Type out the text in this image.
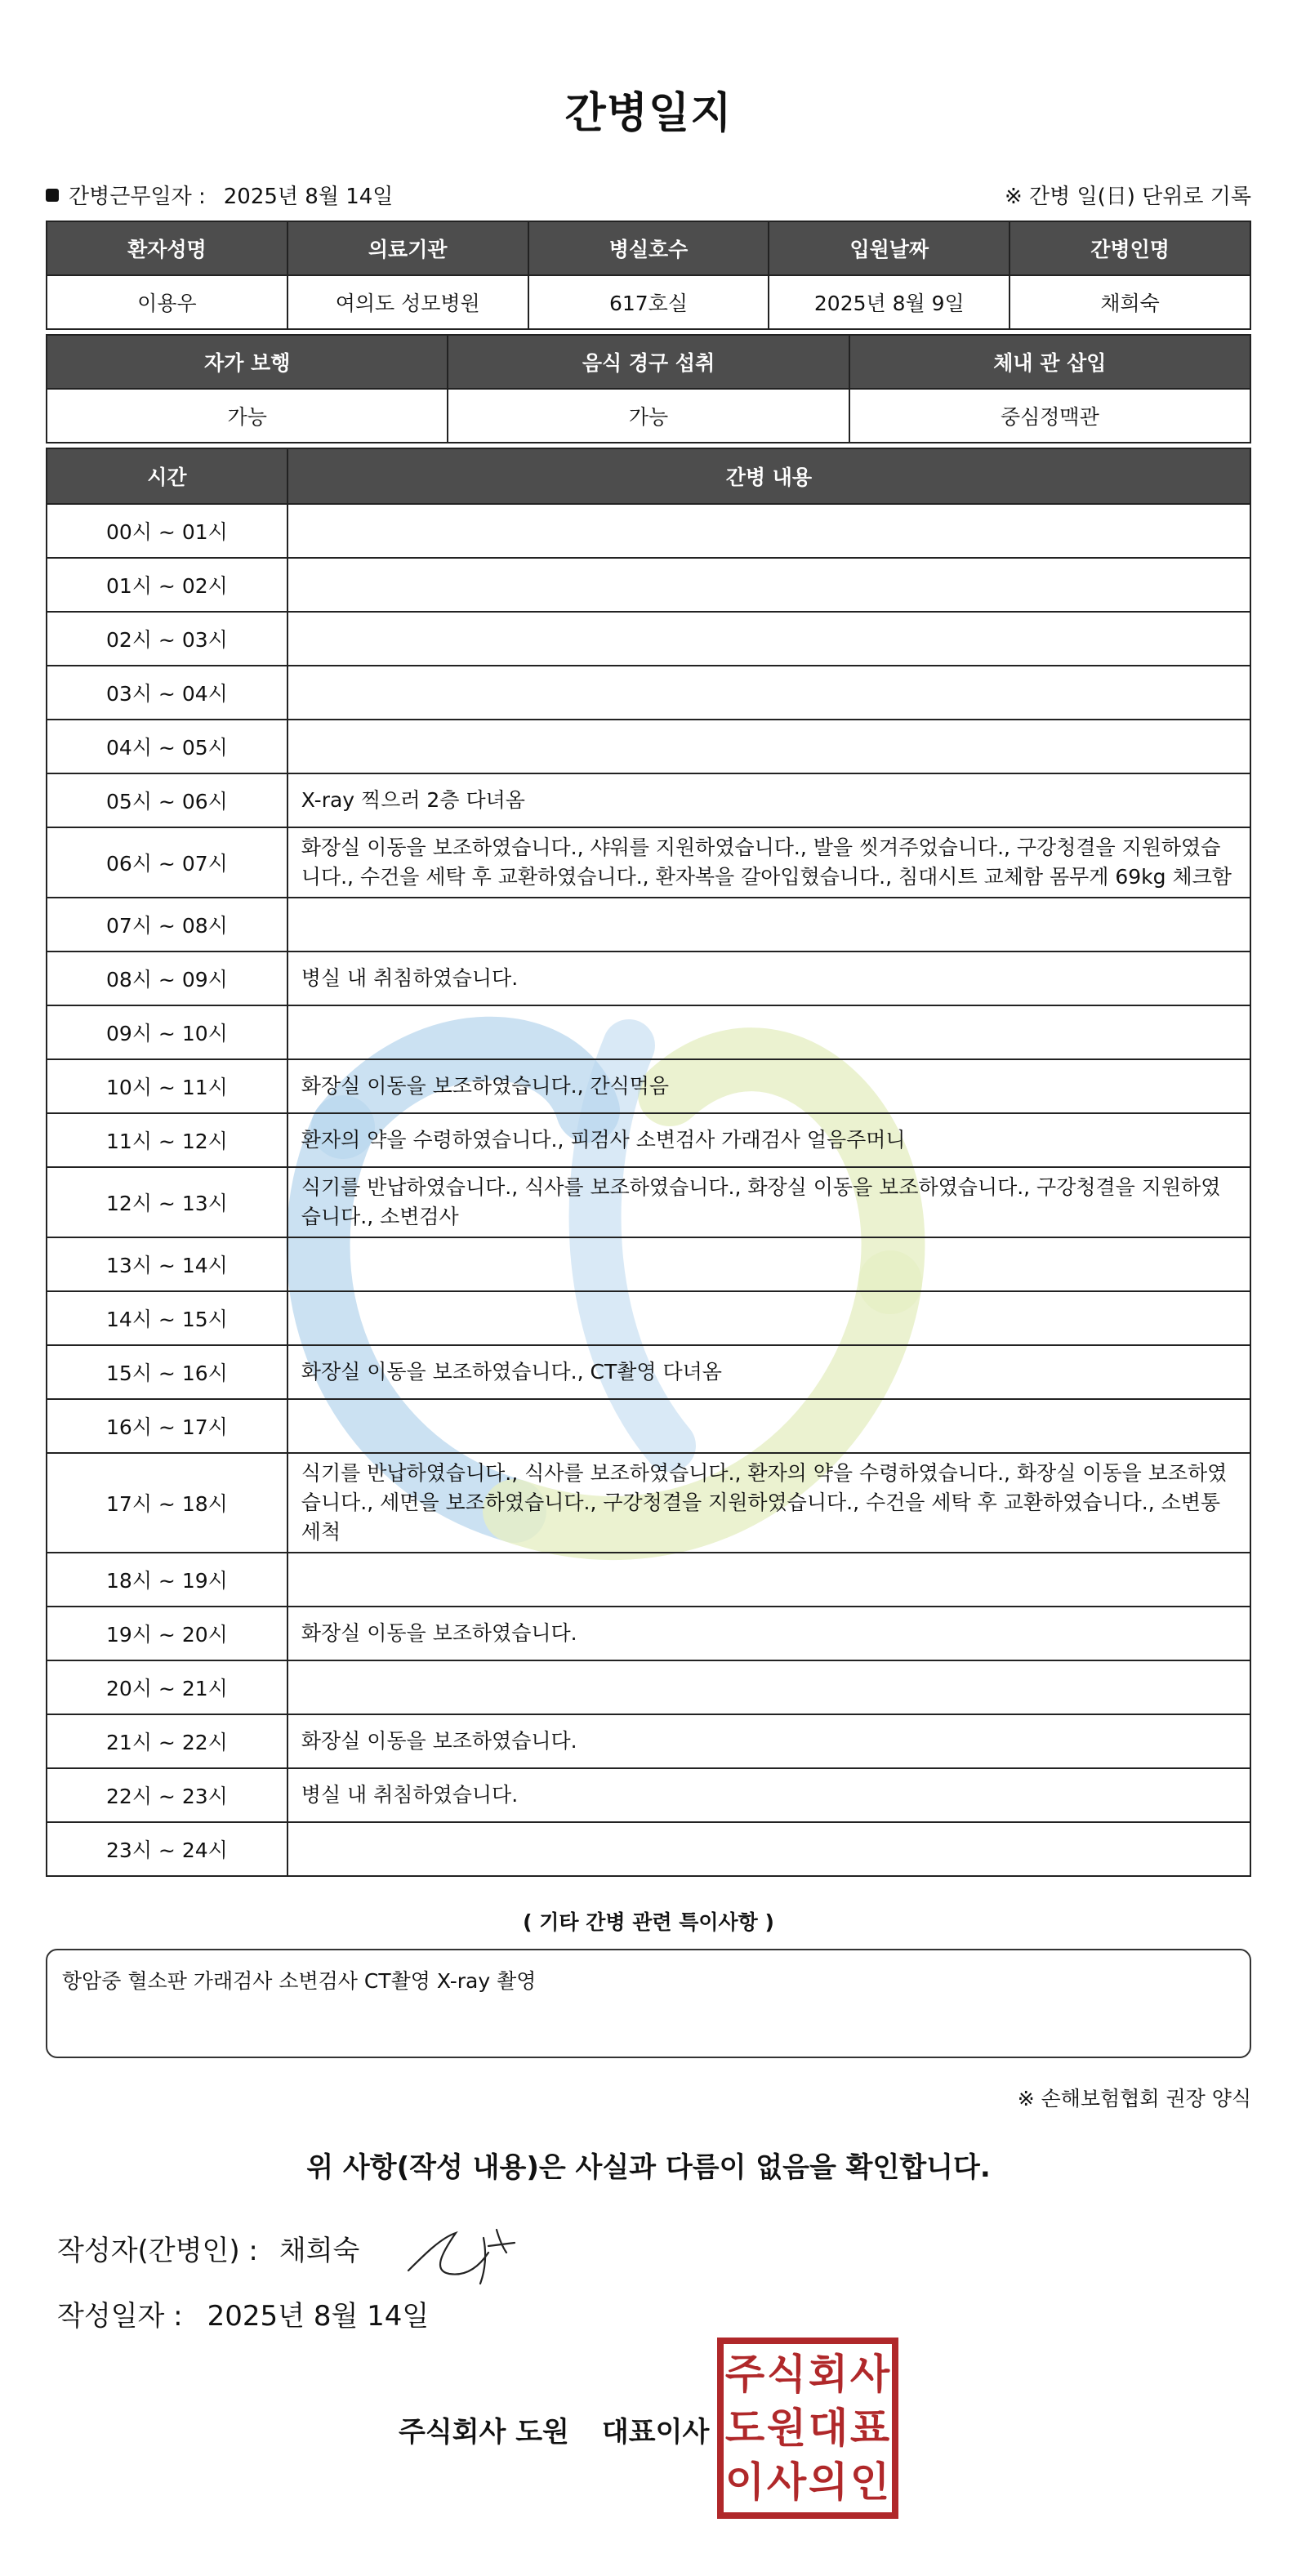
간병일지
간병근무일자 : 2025년 8월 14일	※ 간병 일(日) 단위로 기록
환자성명	의료기관	병실호수	입원날짜	간병인명
이용우	여의도 성모병원	617호실	2025년 8월 9일	채희숙
자가 보행	음식 경구 섭취	체내 관 삽입
가능	가능	중심정맥관
시간	간병 내용
00시 ~ 01시	
01시 ~ 02시	
02시 ~ 03시	
03시 ~ 04시	
04시 ~ 05시	
05시 ~ 06시	X-ray 찍으러 2층 다녀옴
06시 ~ 07시	화장실 이동을 보조하였습니다., 샤워를 지원하였습니다., 발을 씻겨주었습니다., 구강청결을 지원하였습니다., 수건을 세탁 후 교환하였습니다., 환자복을 갈아입혔습니다., 침대시트 교체함 몸무게 69kg 체크함
07시 ~ 08시	
08시 ~ 09시	병실 내 취침하였습니다.
09시 ~ 10시	
10시 ~ 11시	화장실 이동을 보조하였습니다., 간식먹음
11시 ~ 12시	환자의 약을 수령하였습니다., 피검사 소변검사 가래검사 얼음주머니
12시 ~ 13시	식기를 반납하였습니다., 식사를 보조하였습니다., 화장실 이동을 보조하였습니다., 구강청결을 지원하였습니다., 소변검사
13시 ~ 14시	
14시 ~ 15시	
15시 ~ 16시	화장실 이동을 보조하였습니다., CT촬영 다녀옴
16시 ~ 17시	
17시 ~ 18시	식기를 반납하였습니다., 식사를 보조하였습니다., 환자의 약을 수령하였습니다., 화장실 이동을 보조하였습니다., 세면을 보조하였습니다., 구강청결을 지원하였습니다., 수건을 세탁 후 교환하였습니다., 소변통 세척
18시 ~ 19시	
19시 ~ 20시	화장실 이동을 보조하였습니다.
20시 ~ 21시	
21시 ~ 22시	화장실 이동을 보조하였습니다.
22시 ~ 23시	병실 내 취침하였습니다.
23시 ~ 24시	
( 기타 간병 관련 특이사항 )
항암중 혈소판 가래검사 소변검사 CT촬영 X-ray 촬영
※ 손해보험협회 권장 양식
위 사항(작성 내용)은 사실과 다름이 없음을 확인합니다.
작성자(간병인) : 채희숙
작성일자 : 2025년 8월 14일
주식회사 도원 대표이사
주 식 회 사
도 원 대 표
이 사 의 인
